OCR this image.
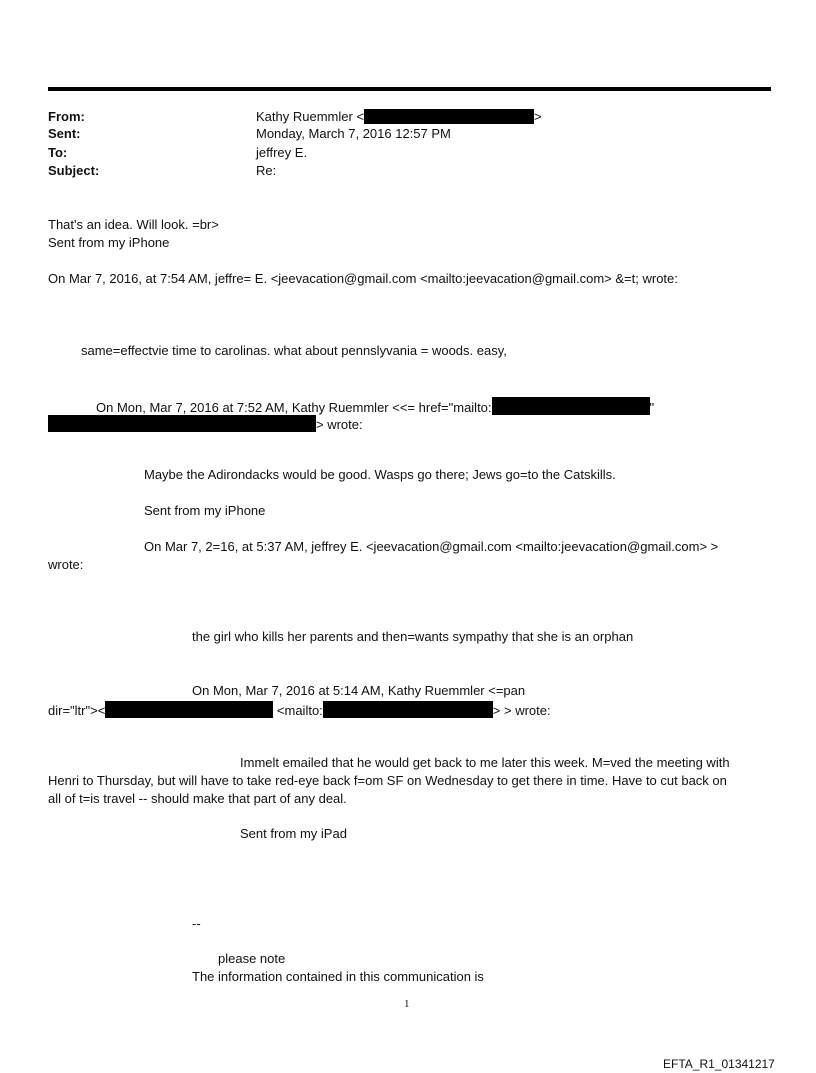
From:	Kathy Ruemmler <	>
Sent:	Monday, March 7, 2016 12:57 PM
To:	jeffrey E.
Subject:	Re:
That's an idea. Will look. =br>
Sent from my iPhone
On Mar 7, 2016, at 7:54 AM, jeffre= E. <jeevacation@gmail.com <mailto:jeevacation@gmail.com> &=t; wrote:
same=effectvie time to carolinas. what about pennslyvania = woods. easy,
On Mon, Mar 7, 2016 at 7:52 AM, Kathy Ruemmler <<= href="mailto:	"
> wrote:
Maybe the Adirondacks would be good. Wasps go there; Jews go=to the Catskills.
Sent from my iPhone
On Mar 7, 2=16, at 5:37 AM, jeffrey E. <jeevacation@gmail.com <mailto:jeevacation@gmail.com> >
wrote:
the girl who kills her parents and then=wants sympathy that she is an orphan
On Mon, Mar 7, 2016 at 5:14 AM, Kathy Ruemmler <=pan
dir="ltr"><	<mailto:	> > wrote:
Immelt emailed that he would get back to me later this week. M=ved the meeting with
Henri to Thursday, but will have to take red-eye back f=om SF on Wednesday to get there in time. Have to cut back on
all of t=is travel -- should make that part of any deal.
Sent from my iPad
--
please note
The information contained in this communication is
1
EFTA_R1_01341217
